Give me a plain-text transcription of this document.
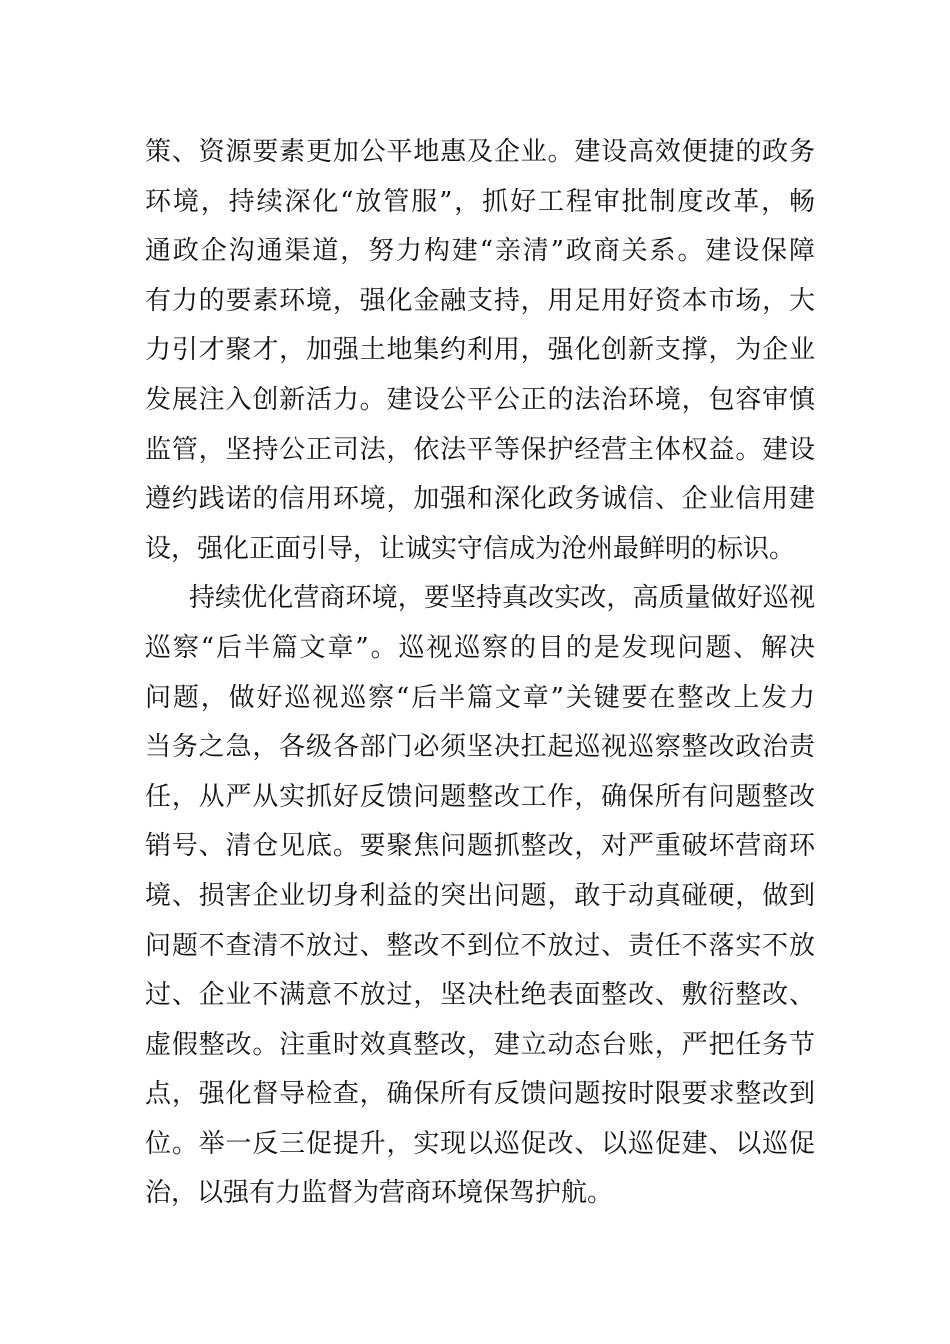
策、资源要素更加公平地惠及企业。建设高效便捷的政务
环境，持续深化“放管服”，抓好工程审批制度改革，畅
通政企沟通渠道，努力构建“亲清”政商关系。建设保障
有力的要素环境，强化金融支持，用足用好资本市场，大
力引才聚才，加强土地集约利用，强化创新支撑，为企业
发展注入创新活力。建设公平公正的法治环境，包容审慎
监管，坚持公正司法，依法平等保护经营主体权益。建设
遵约践诺的信用环境，加强和深化政务诚信、企业信用建
设，强化正面引导，让诚实守信成为沧州最鲜明的标识。
持续优化营商环境，要坚持真改实改，高质量做好巡视
巡察“后半篇文章”。巡视巡察的目的是发现问题、解决
问题，做好巡视巡察“后半篇文章”关键要在整改上发力
当务之急，各级各部门必须坚决扛起巡视巡察整改政治责
任，从严从实抓好反馈问题整改工作，确保所有问题整改
销号、清仓见底。要聚焦问题抓整改，对严重破坏营商环
境、损害企业切身利益的突出问题，敢于动真碰硬，做到
问题不查清不放过、整改不到位不放过、责任不落实不放
过、企业不满意不放过，坚决杜绝表面整改、敷衍整改、
虚假整改。注重时效真整改，建立动态台账，严把任务节
点，强化督导检查，确保所有反馈问题按时限要求整改到
位。举一反三促提升，实现以巡促改、以巡促建、以巡促
治，以强有力监督为营商环境保驾护航。
